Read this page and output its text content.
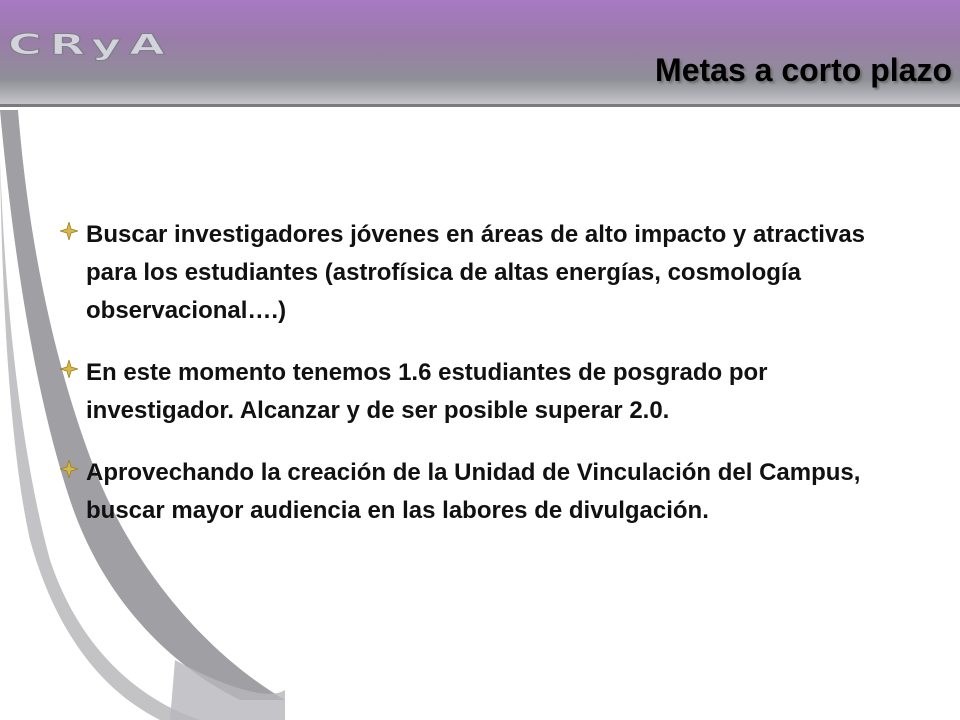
CRyA
Metas a corto plazo
Buscar investigadores jóvenes en áreas de alto impacto y atractivas para los estudiantes (astrofísica de altas energías, cosmología observacional….)
En este momento tenemos 1.6 estudiantes de posgrado por investigador. Alcanzar y de ser posible superar 2.0.
Aprovechando la creación de la Unidad de Vinculación del Campus, buscar mayor audiencia en las labores de divulgación.
